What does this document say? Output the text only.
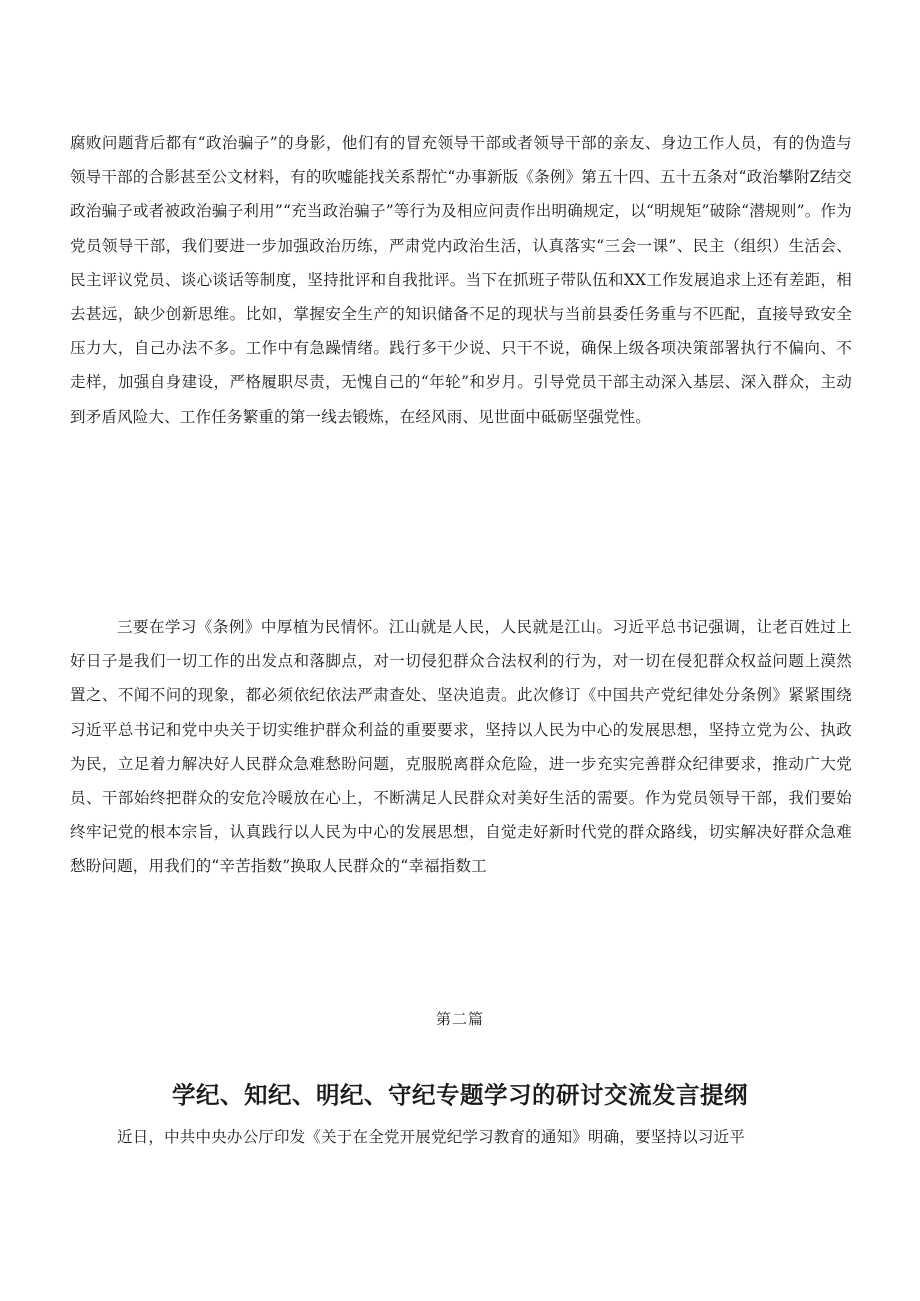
腐败问题背后都有“政治骗子”的身影，他们有的冒充领导干部或者领导干部的亲友、身边工作人员，有的伪造与领导干部的合影甚至公文材料，有的吹嘘能找关系帮忙“办事新版《条例》第五十四、五十五条对“政治攀附Z结交政治骗子或者被政治骗子利用”“充当政治骗子”等行为及相应问责作出明确规定，以“明规矩”破除“潜规则”。作为党员领导干部，我们要进一步加强政治历练，严肃党内政治生活，认真落实“三会一课”、民主（组织）生活会、民主评议党员、谈心谈话等制度，坚持批评和自我批评。当下在抓班子带队伍和XX工作发展追求上还有差距，相去甚远，缺少创新思维。比如，掌握安全生产的知识储备不足的现状与当前县委任务重与不匹配，直接导致安全压力大，自己办法不多。工作中有急躁情绪。践行多干少说、只干不说，确保上级各项决策部署执行不偏向、不走样，加强自身建设，严格履职尽责，无愧自己的“年轮”和岁月。引导党员干部主动深入基层、深入群众，主动到矛盾风险大、工作任务繁重的第一线去锻炼，在经风雨、见世面中砥砺坚强党性。

三要在学习《条例》中厚植为民情怀。江山就是人民，人民就是江山。习近平总书记强调，让老百姓过上好日子是我们一切工作的出发点和落脚点，对一切侵犯群众合法权利的行为，对一切在侵犯群众权益问题上漠然置之、不闻不问的现象，都必须依纪依法严肃查处、坚决追责。此次修订《中国共产党纪律处分条例》紧紧围绕习近平总书记和党中央关于切实维护群众利益的重要要求，坚持以人民为中心的发展思想，坚持立党为公、执政为民，立足着力解决好人民群众急难愁盼问题，克服脱离群众危险，进一步充实完善群众纪律要求，推动广大党员、干部始终把群众的安危冷暖放在心上，不断满足人民群众对美好生活的需要。作为党员领导干部，我们要始终牢记党的根本宗旨，认真践行以人民为中心的发展思想，自觉走好新时代党的群众路线，切实解决好群众急难愁盼问题，用我们的“辛苦指数”换取人民群众的“幸福指数工

第二篇
学纪、知纪、明纪、守纪专题学习的研讨交流发言提纲

近日，中共中央办公厅印发《关于在全党开展党纪学习教育的通知》明确，要坚持以习近平
